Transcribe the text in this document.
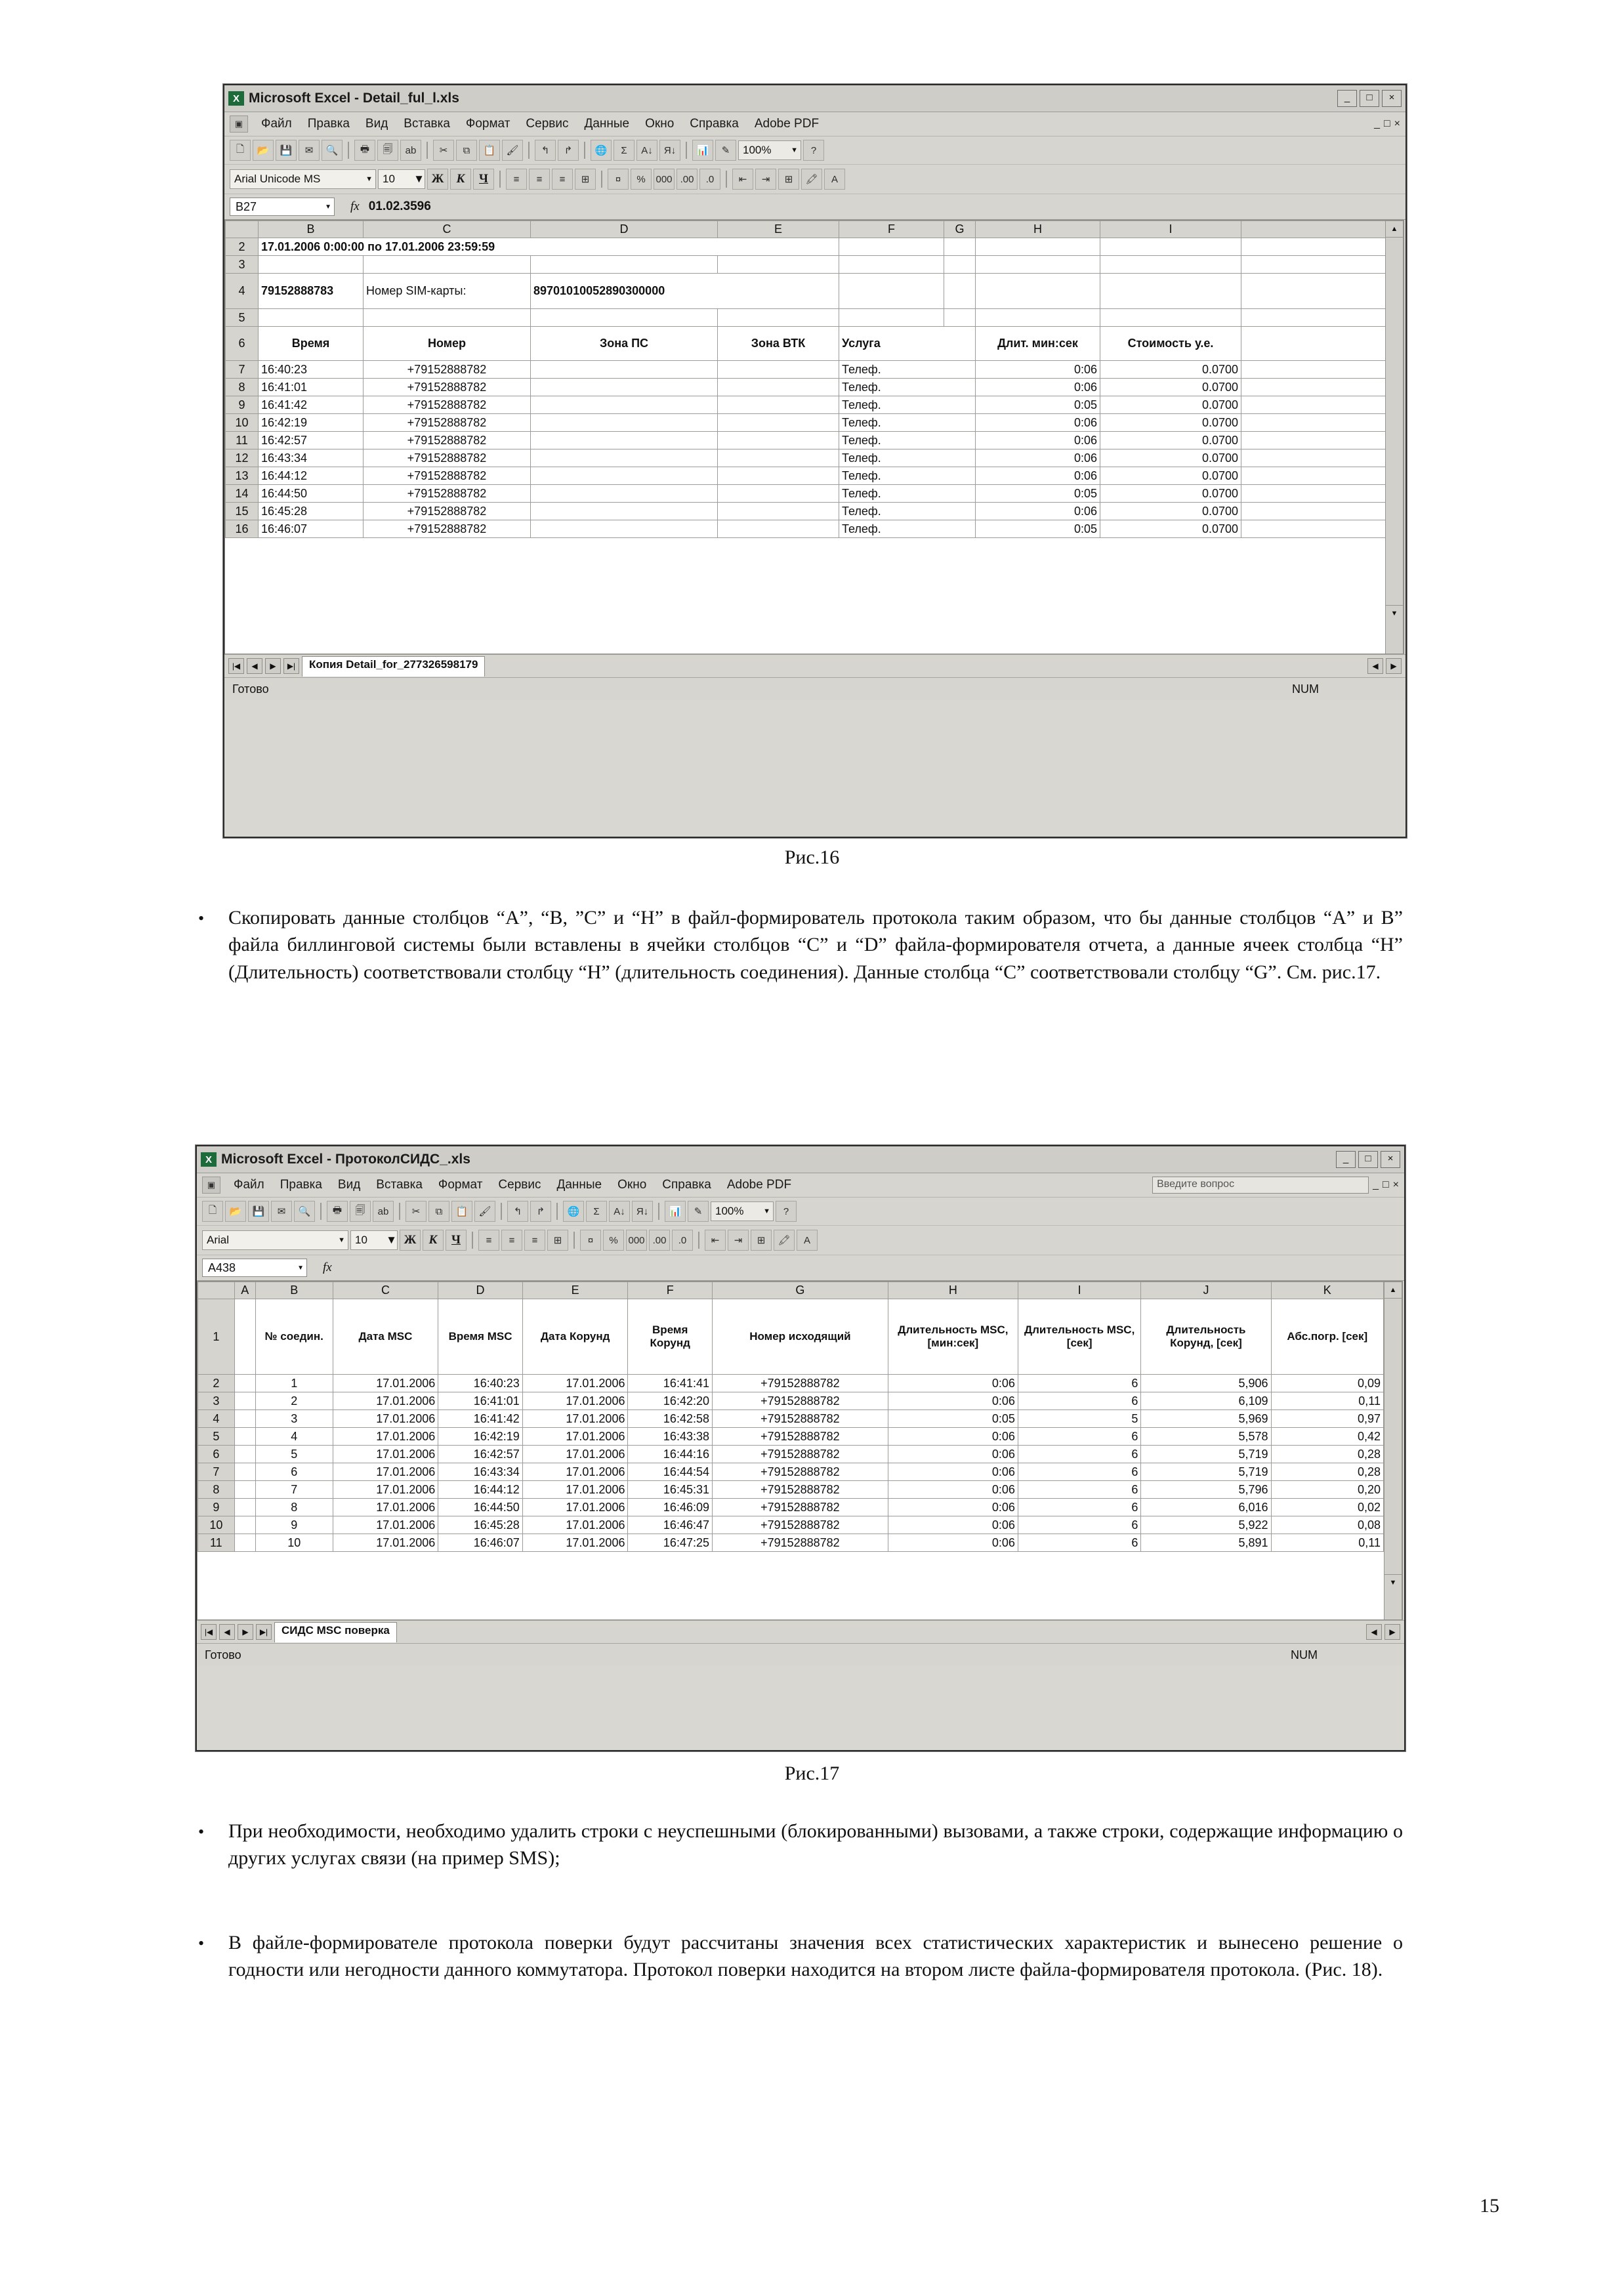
X Microsoft Excel - Detail_ful_l.xls	_	□	×
▣	Файл	Правка	Вид	Вставка	Формат	Сервис	Данные	Окно	Справка	Adobe PDF	_ □ ×
🗋	📂	💾	✉	🔍	🖶	🗐	ab	✂	⧉	📋	🖌	↰	↱	🌐	Σ	A↓	Я↓	📊	✎	100%	▼	?
Arial Unicode MS	▼ 10 ▼ Ж	К	Ч	≡	≡	≡	⊞	¤	%	000 .00	.0	⇤	⇥	⊞	🖍	A
B27	▼ fx 01.02.3596
	B	C	D	E	F	G	H	I	
2	17.01.2006 0:00:00 по 17.01.2006 23:59:59								
3									
4	79152888783	Номер SIM-карты:	89701010052890300000						
5									
6	Время	Номер	Зона ПС	Зона ВТК	Услуга		Длит. мин:сек	Стоимость у.е.	
7	16:40:23	+79152888782			Телеф.		0:06	0.0700	
8	16:41:01	+79152888782			Телеф.		0:06	0.0700	
9	16:41:42	+79152888782			Телеф.		0:05	0.0700	
10	16:42:19	+79152888782			Телеф.		0:06	0.0700	
11	16:42:57	+79152888782			Телеф.		0:06	0.0700	
12	16:43:34	+79152888782			Телеф.		0:06	0.0700	
13	16:44:12	+79152888782			Телеф.		0:06	0.0700	
14	16:44:50	+79152888782			Телеф.		0:05	0.0700	
15	16:45:28	+79152888782			Телеф.		0:06	0.0700	
16	16:46:07	+79152888782			Телеф.		0:05	0.0700	
▲
▼
|◀	◀	▶	▶|	Копия Detail_for_277326598179	◀	▶
Готово	NUM
Рис.16
• Скопировать данные столбцов “A”, “B, ”C” и “H” в файл-формирователь протокола таким образом, что бы данные столбцов “A” и B” файла биллинговой системы были вставлены в ячейки столбцов “C” и “D” файла-формирователя отчета, а данные ячеек столбца “H” (Длительность) соответствовали столбцу “H” (длительность соединения). Данные столбца “C” соответствовали столбцу “G”. См. рис.17.
X Microsoft Excel - ПротоколСИДС_.xls	_	□	×
▣	Файл	Правка	Вид	Вставка	Формат	Сервис	Данные	Окно	Справка	Adobe PDF	Введите вопрос	_ □ ×
🗋	📂	💾	✉	🔍	🖶	🗐	ab	✂	⧉	📋	🖌	↰	↱	🌐	Σ	A↓	Я↓	📊	✎	100%	▼	?
Arial	▼ 10 ▼ Ж	К	Ч	≡	≡	≡	⊞	¤	%	000 .00	.0	⇤	⇥	⊞	🖍	A
A438	▼ fx
	A	B	C	D	E	F	G	H	I	J	K
1		№ соедин.	Дата MSC	Время MSC	Дата Корунд	Время Корунд	Номер исходящий	Длительность MSC, [мин:сек]	Длительность MSC, [сек]	Длительность Корунд, [сек]	Абс.погр. [сек]
2		1	17.01.2006	16:40:23	17.01.2006	16:41:41	+79152888782	0:06	6	5,906	0,09
3		2	17.01.2006	16:41:01	17.01.2006	16:42:20	+79152888782	0:06	6	6,109	0,11
4		3	17.01.2006	16:41:42	17.01.2006	16:42:58	+79152888782	0:05	5	5,969	0,97
5		4	17.01.2006	16:42:19	17.01.2006	16:43:38	+79152888782	0:06	6	5,578	0,42
6		5	17.01.2006	16:42:57	17.01.2006	16:44:16	+79152888782	0:06	6	5,719	0,28
7		6	17.01.2006	16:43:34	17.01.2006	16:44:54	+79152888782	0:06	6	5,719	0,28
8		7	17.01.2006	16:44:12	17.01.2006	16:45:31	+79152888782	0:06	6	5,796	0,20
9		8	17.01.2006	16:44:50	17.01.2006	16:46:09	+79152888782	0:06	6	6,016	0,02
10		9	17.01.2006	16:45:28	17.01.2006	16:46:47	+79152888782	0:06	6	5,922	0,08
11		10	17.01.2006	16:46:07	17.01.2006	16:47:25	+79152888782	0:06	6	5,891	0,11
▲
▼
|◀	◀	▶	▶|	СИДС MSC поверка	◀	▶
Готово	NUM
Рис.17
• При необходимости, необходимо удалить строки с неуспешными (блокированными) вызовами, а также строки, содержащие информацию о других услугах связи (на пример SMS);
• В файле-формирователе протокола поверки будут рассчитаны значения всех статистических характеристик и вынесено решение о годности или негодности данного коммутатора. Протокол поверки находится на втором листе файла-формирователя протокола. (Рис. 18).
15
